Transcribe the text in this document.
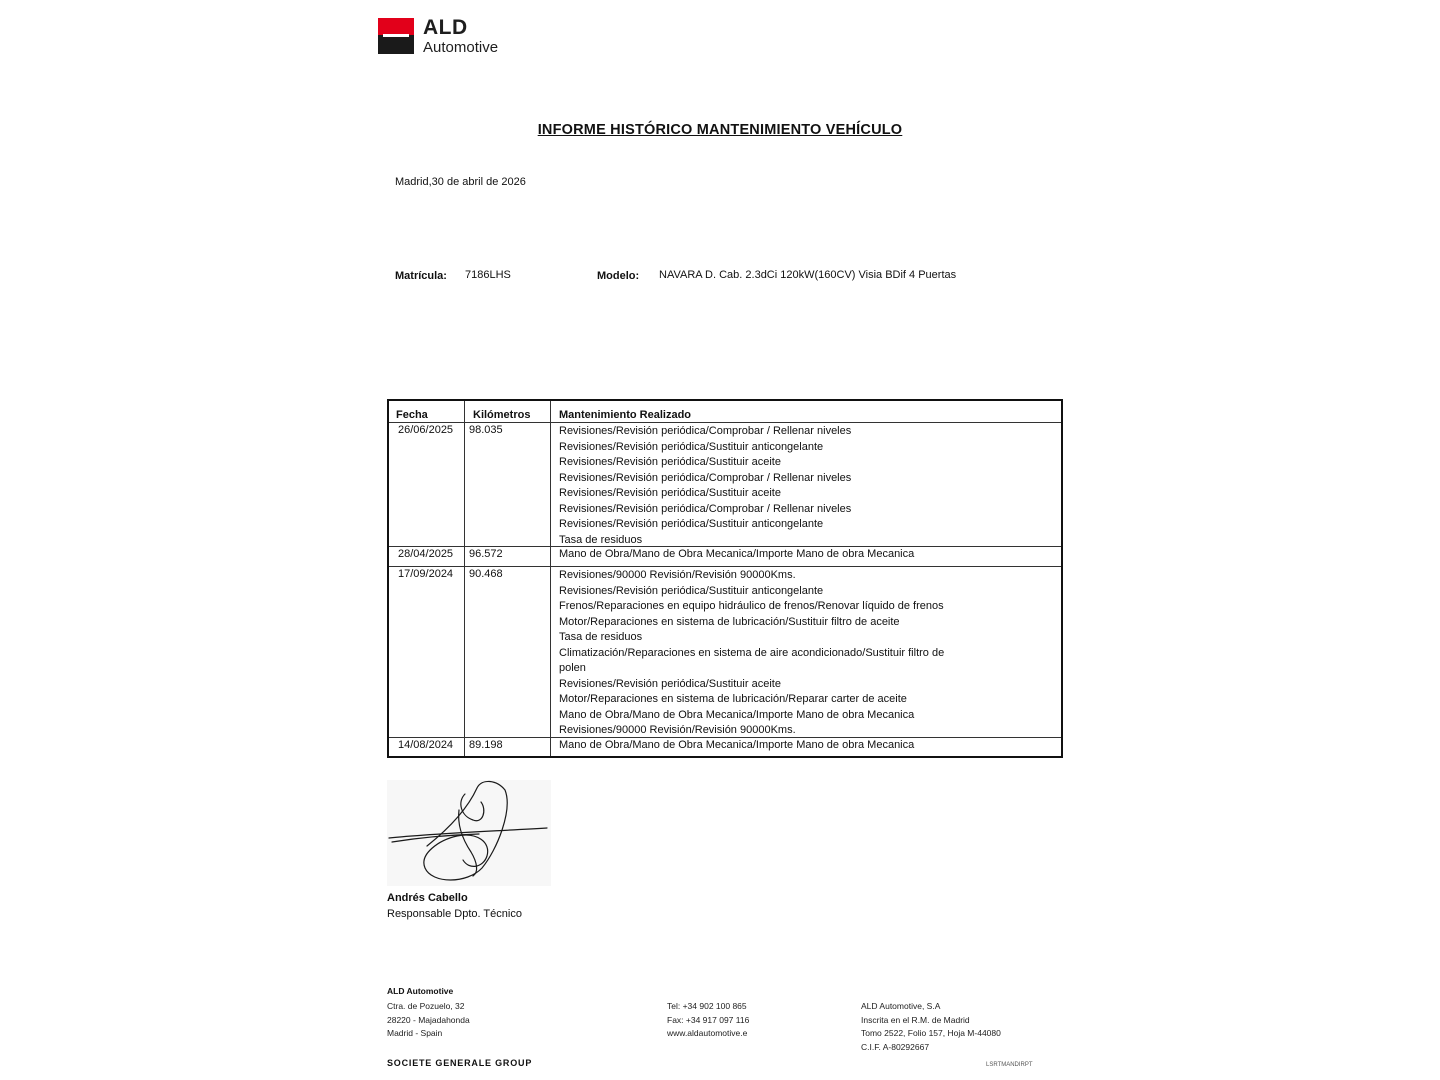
ALD
Automotive
INFORME HISTÓRICO MANTENIMIENTO VEHÍCULO
Madrid,30 de abril de 2026
Matrícula: 7186LHS	Modelo: NAVARA D. Cab. 2.3dCi 120kW(160CV) Visia BDif 4 Puertas
Fecha	Kilómetros	Mantenimiento Realizado
26/06/2025 98.035	Revisiones/Revisión periódica/Comprobar / Rellenar niveles
Revisiones/Revisión periódica/Sustituir anticongelante
Revisiones/Revisión periódica/Sustituir aceite
Revisiones/Revisión periódica/Comprobar / Rellenar niveles
Revisiones/Revisión periódica/Sustituir aceite
Revisiones/Revisión periódica/Comprobar / Rellenar niveles
Revisiones/Revisión periódica/Sustituir anticongelante
Tasa de residuos
28/04/2025 96.572	Mano de Obra/Mano de Obra Mecanica/Importe Mano de obra Mecanica
17/09/2024 90.468	Revisiones/90000 Revisión/Revisión 90000Kms.
Revisiones/Revisión periódica/Sustituir anticongelante
Frenos/Reparaciones en equipo hidráulico de frenos/Renovar líquido de frenos
Motor/Reparaciones en sistema de lubricación/Sustituir filtro de aceite
Tasa de residuos
Climatización/Reparaciones en sistema de aire acondicionado/Sustituir filtro de
polen
Revisiones/Revisión periódica/Sustituir aceite
Motor/Reparaciones en sistema de lubricación/Reparar carter de aceite
Mano de Obra/Mano de Obra Mecanica/Importe Mano de obra Mecanica
Revisiones/90000 Revisión/Revisión 90000Kms.
14/08/2024 89.198	Mano de Obra/Mano de Obra Mecanica/Importe Mano de obra Mecanica
Andrés Cabello
Responsable Dpto. Técnico
ALD Automotive
Ctra. de Pozuelo, 32
28220 - Majadahonda
Madrid - Spain
Tel: +34 902 100 865
Fax: +34 917 097 116
www.aldautomotive.e
ALD Automotive, S.A
Inscrita en el R.M. de Madrid
Tomo 2522, Folio 157, Hoja M-44080
C.I.F. A-80292667
SOCIETE GENERALE GROUP	LSRTMANDIRPT
